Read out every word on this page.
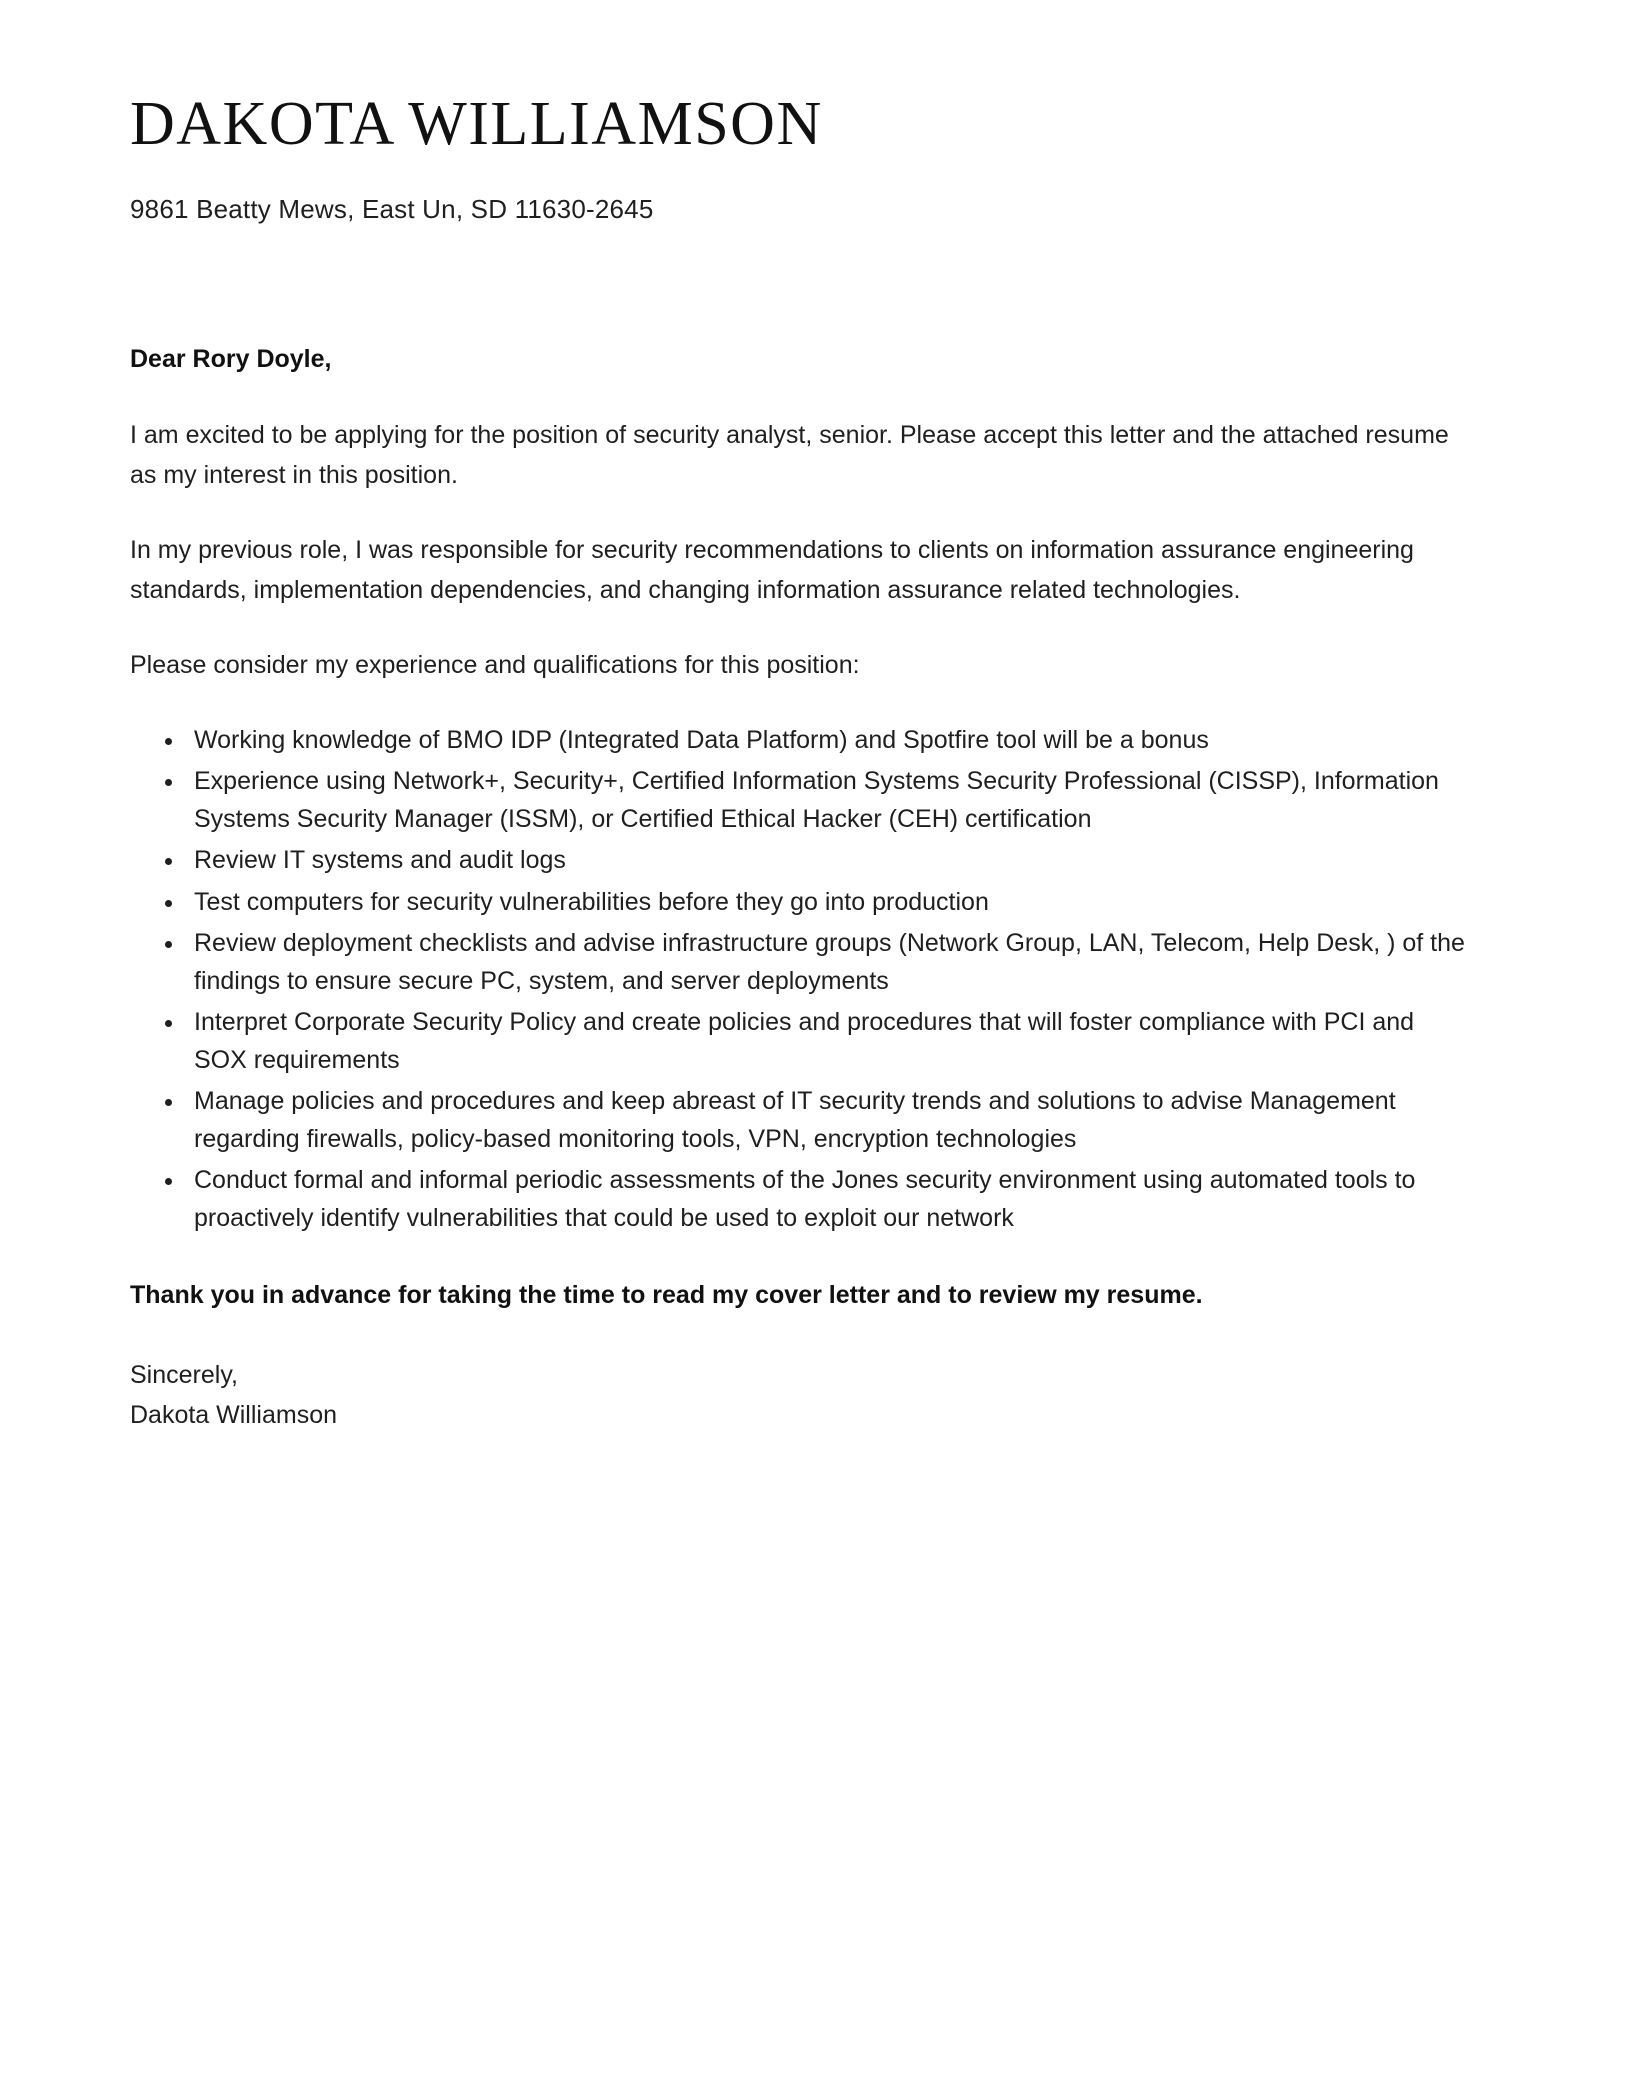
DAKOTA WILLIAMSON
9861 Beatty Mews, East Un, SD 11630-2645
Dear Rory Doyle,

I am excited to be applying for the position of security analyst, senior. Please accept this letter and the attached resume as my interest in this position.

In my previous role, I was responsible for security recommendations to clients on information assurance engineering standards, implementation dependencies, and changing information assurance related technologies.

Please consider my experience and qualifications for this position:

• Working knowledge of BMO IDP (Integrated Data Platform) and Spotfire tool will be a bonus
• Experience using Network+, Security+, Certified Information Systems Security Professional (CISSP), Information Systems Security Manager (ISSM), or Certified Ethical Hacker (CEH) certification
• Review IT systems and audit logs
• Test computers for security vulnerabilities before they go into production
• Review deployment checklists and advise infrastructure groups (Network Group, LAN, Telecom, Help Desk, ) of the findings to ensure secure PC, system, and server deployments
• Interpret Corporate Security Policy and create policies and procedures that will foster compliance with PCI and SOX requirements
• Manage policies and procedures and keep abreast of IT security trends and solutions to advise Management regarding firewalls, policy-based monitoring tools, VPN, encryption technologies
• Conduct formal and informal periodic assessments of the Jones security environment using automated tools to proactively identify vulnerabilities that could be used to exploit our network
Thank you in advance for taking the time to read my cover letter and to review my resume.
Sincerely,
Dakota Williamson
